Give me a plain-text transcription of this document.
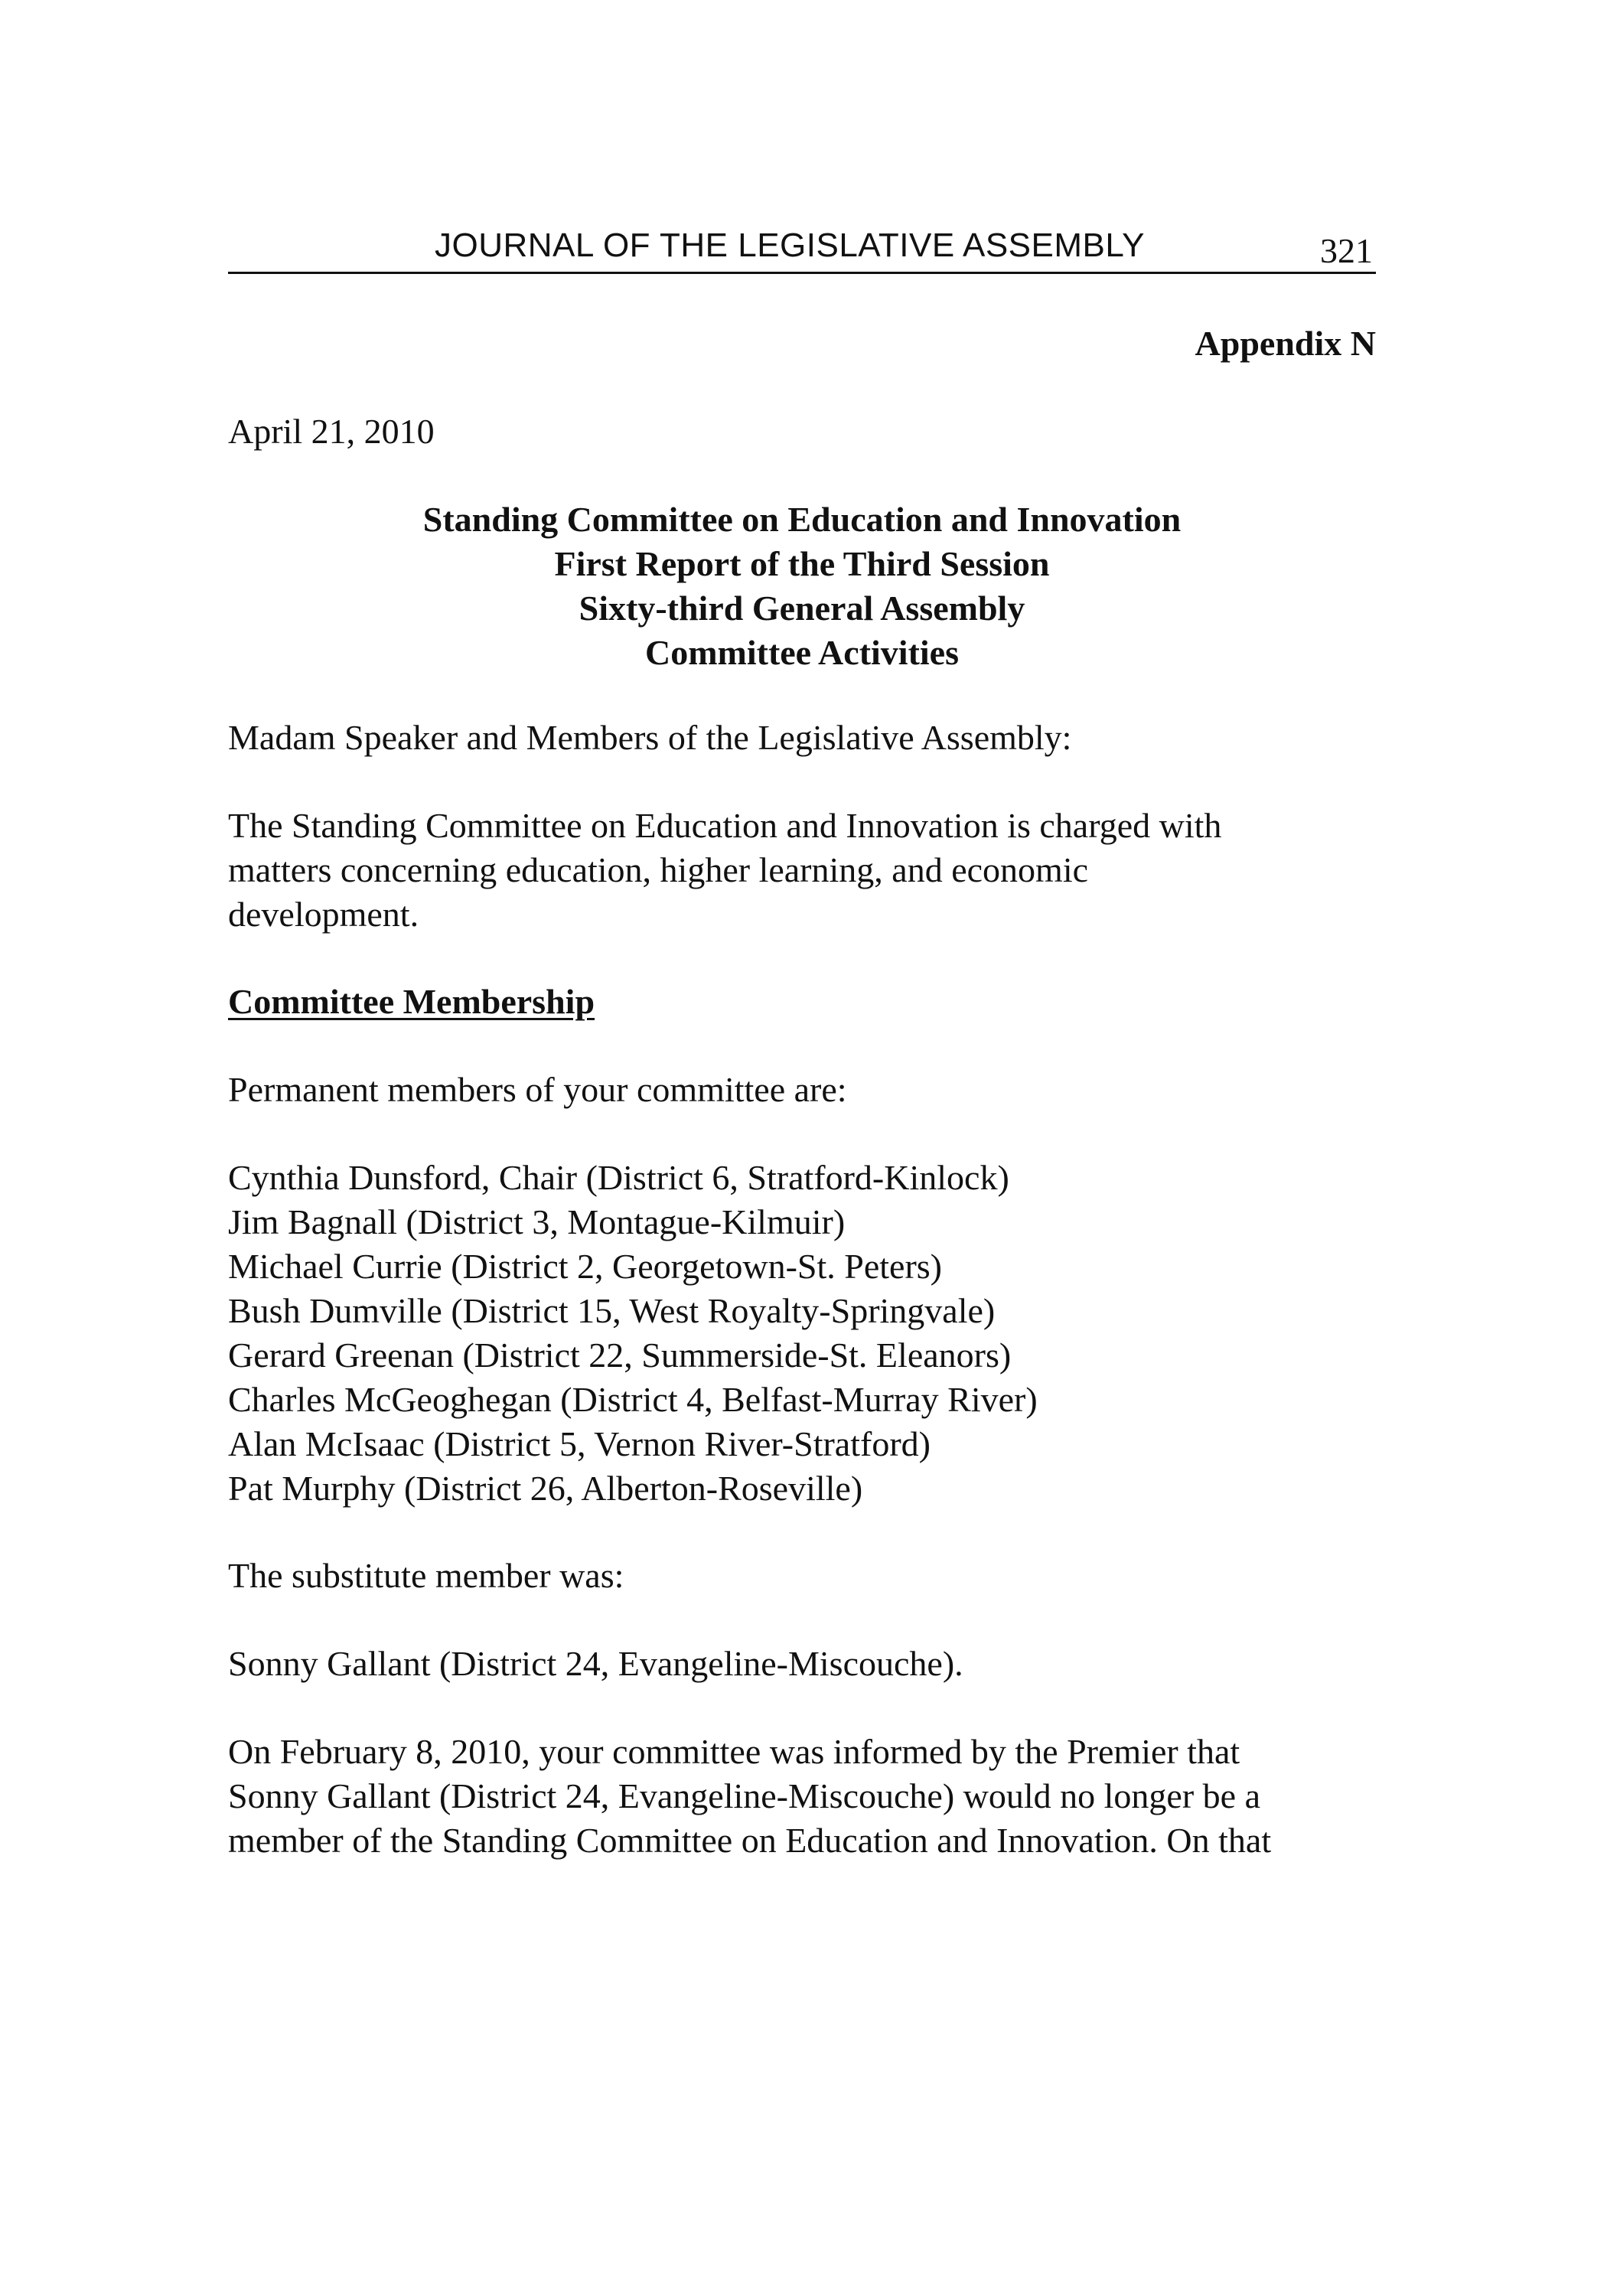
JOURNAL OF THE LEGISLATIVE ASSEMBLY	321
Appendix N
April 21, 2010
Standing Committee on Education and Innovation
First Report of the Third Session
Sixty-third General Assembly
Committee Activities
Madam Speaker and Members of the Legislative Assembly:
The Standing Committee on Education and Innovation is charged with
matters concerning education, higher learning, and economic
development.
Committee Membership
Permanent members of your committee are:
Cynthia Dunsford, Chair (District 6, Stratford-Kinlock)
Jim Bagnall (District 3, Montague-Kilmuir)
Michael Currie (District 2, Georgetown-St. Peters)
Bush Dumville (District 15, West Royalty-Springvale)
Gerard Greenan (District 22, Summerside-St. Eleanors)
Charles McGeoghegan (District 4, Belfast-Murray River)
Alan McIsaac (District 5, Vernon River-Stratford)
Pat Murphy (District 26, Alberton-Roseville)
The substitute member was:
Sonny Gallant (District 24, Evangeline-Miscouche).
On February 8, 2010, your committee was informed by the Premier that
Sonny Gallant (District 24, Evangeline-Miscouche) would no longer be a
member of the Standing Committee on Education and Innovation. On that
